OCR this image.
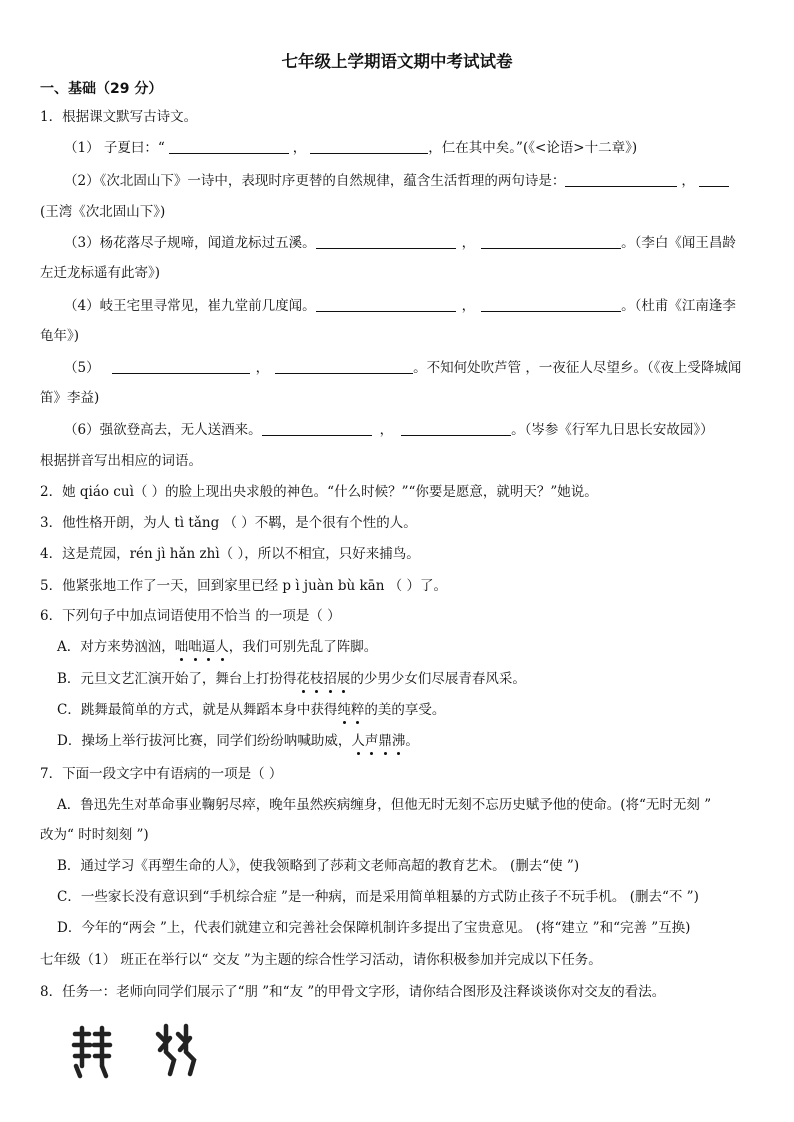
七年级上学期语文期中考试试卷
一、基础（29 分）
1．根据课文默写古诗文。
（1） 子夏曰：“	，	，仁在其中矣。”(《<论语>十二章》)
（2）《次北固山下》一诗中，表现时序更替的自然规律，蕴含生活哲理的两句诗是：	，
(王湾《次北固山下》)
（3）杨花落尽子规啼，闻道龙标过五溪。	，	。（李白《闻王昌龄
左迁龙标遥有此寄》)
（4）岐王宅里寻常见，崔九堂前几度闻。	，	。（杜甫《江南逢李
龟年》)
（5）	，	。不知何处吹芦管 ，一夜征人尽望乡。（《夜上受降城闻
笛》李益)
（6）强欲登高去，无人送酒来。	，	。（岑参《行军九日思长安故园》）
根据拼音写出相应的词语。
2．她 qiáo cuì（ ）的脸上现出央求般的神色。“什么时候？”“你要是愿意，就明天？”她说。
3．他性格开朗，为人 tì tǎng （ ）不羁，是个很有个性的人。
4．这是荒园，rén jì hǎn zhì（ ），所以不相宜，只好来捕鸟。
5．他紧张地工作了一天，回到家里已经 p ì juàn bù kān （ ）了。
6．下列句子中加点词语使用不恰当 的一项是（ ）
A．对方来势汹汹，咄咄逼人，我们可别先乱了阵脚。
B．元旦文艺汇演开始了，舞台上打扮得花枝招展的少男少女们尽展青春风采。
C．跳舞最简单的方式，就是从舞蹈本身中获得纯粹的美的享受。
D．操场上举行拔河比赛，同学们纷纷呐喊助威，人声鼎沸。
7．下面一段文字中有语病的一项是（ ）
A．鲁迅先生对革命事业鞠躬尽瘁，晚年虽然疾病缠身，但他无时无刻不忘历史赋予他的使命。(将“无时无刻 ”
改为“ 时时刻刻 ”)
B．通过学习《再塑生命的人》，使我领略到了莎莉文老师高超的教育艺术。 (删去“使 ”)
C．一些家长没有意识到“手机综合症 ”是一种病，而是采用简单粗暴的方式防止孩子不玩手机。 (删去“不 ”)
D．今年的“两会 ”上，代表们就建立和完善社会保障机制许多提出了宝贵意见。 (将“建立 ”和“完善 ”互换)
七年级（1） 班正在举行以“ 交友 ”为主题的综合性学习活动，请你积极参加并完成以下任务。
8．任务一：老师向同学们展示了“朋 ”和“友 ”的甲骨文字形，请你结合图形及注释谈谈你对交友的看法。
